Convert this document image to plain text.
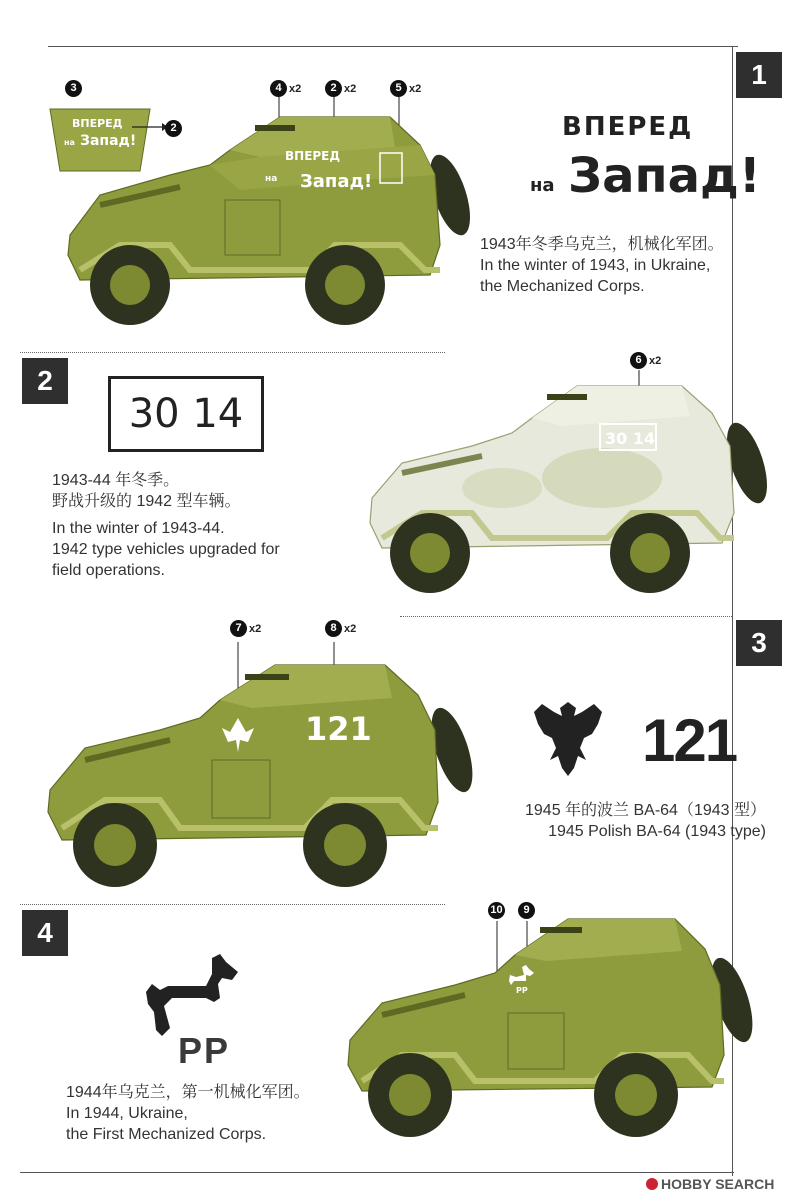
1
2
3
4
ВПЕРЕД
на Запад!
3
2
4 x2	2 x2	5 x2
ВПЕРЕД
на Запад!
ВПЕРЕД
на Запад!
1943年冬季乌克兰，机械化军团。
In the winter of 1943, in Ukraine,
the Mechanized Corps.
30 14
1943-44 年冬季。
野战升级的 1942 型车辆。
In the winter of 1943-44.
1942 type vehicles upgraded for
field operations.
6 x2
30 14
7 x2	8 x2
121	121
1945 年的波兰 BA-64（1943 型）
1945 Polish BA-64 (1943 type)
PP
1944年乌克兰，第一机械化军团。
In 1944, Ukraine,
the First Mechanized Corps.
10	9
PP
HOBBY SEARCH
